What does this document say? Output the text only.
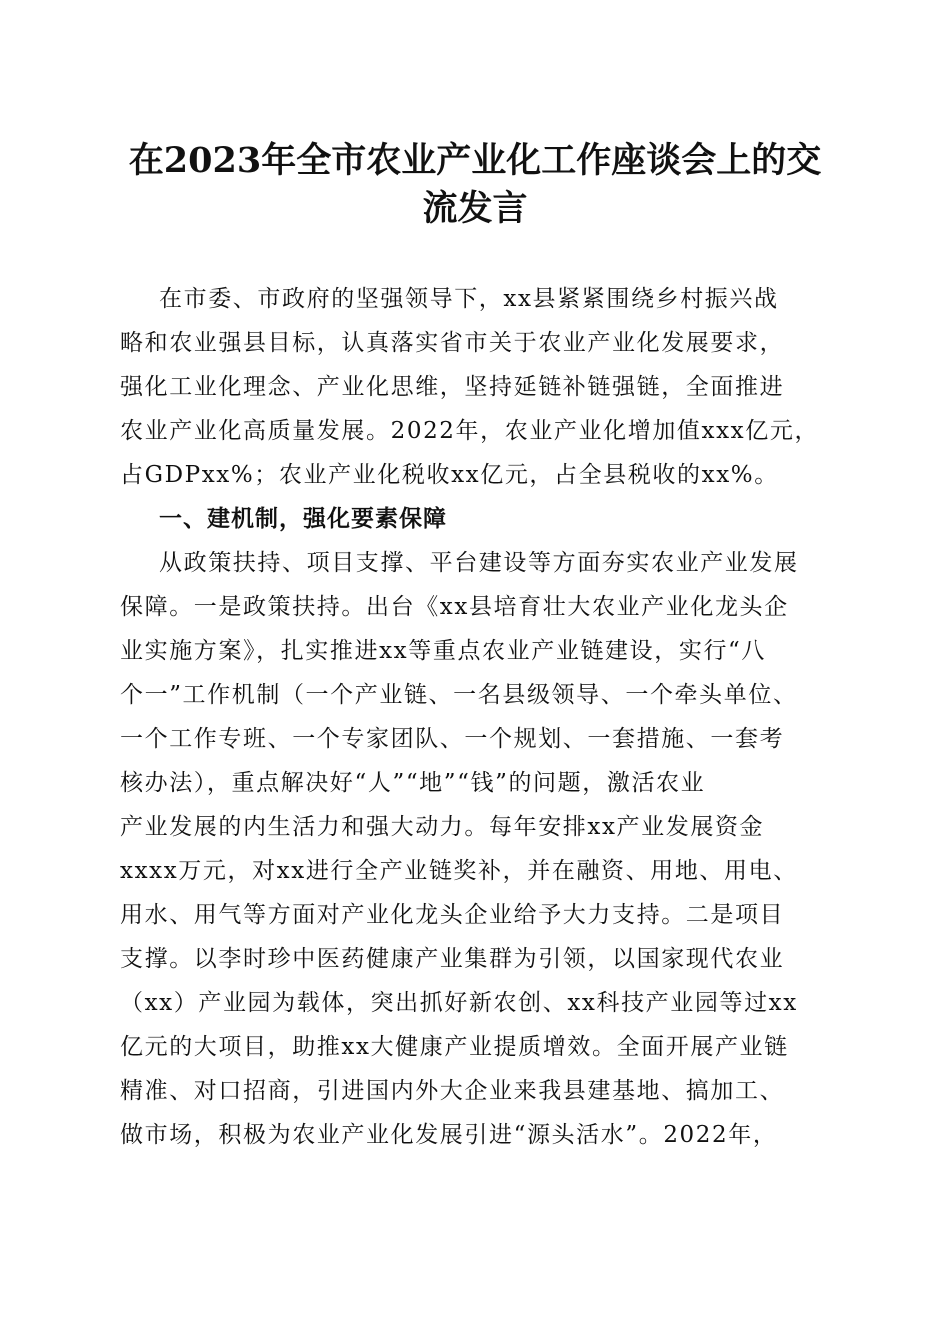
在2023年全市农业产业化工作座谈会上的交
流发言
在市委、市政府的坚强领导下，xx县紧紧围绕乡村振兴战
略和农业强县目标，认真落实省市关于农业产业化发展要求，
强化工业化理念、产业化思维，坚持延链补链强链，全面推进
农业产业化高质量发展。2022年，农业产业化增加值xxx亿元，
占GDPxx%；农业产业化税收xx亿元，占全县税收的xx%。
一、建机制，强化要素保障
从政策扶持、项目支撑、平台建设等方面夯实农业产业发展
保障。一是政策扶持。出台《xx县培育壮大农业产业化龙头企
业实施方案》，扎实推进xx等重点农业产业链建设，实行“八
个一”工作机制（一个产业链、一名县级领导、一个牵头单位、
一个工作专班、一个专家团队、一个规划、一套措施、一套考
核办法），重点解决好“人”“地”“钱”的问题，激活农业
产业发展的内生活力和强大动力。每年安排xx产业发展资金
xxxx万元，对xx进行全产业链奖补，并在融资、用地、用电、
用水、用气等方面对产业化龙头企业给予大力支持。二是项目
支撑。以李时珍中医药健康产业集群为引领，以国家现代农业
（xx）产业园为载体，突出抓好新农创、xx科技产业园等过xx
亿元的大项目，助推xx大健康产业提质增效。全面开展产业链
精准、对口招商，引进国内外大企业来我县建基地、搞加工、
做市场，积极为农业产业化发展引进“源头活水”。2022年，
